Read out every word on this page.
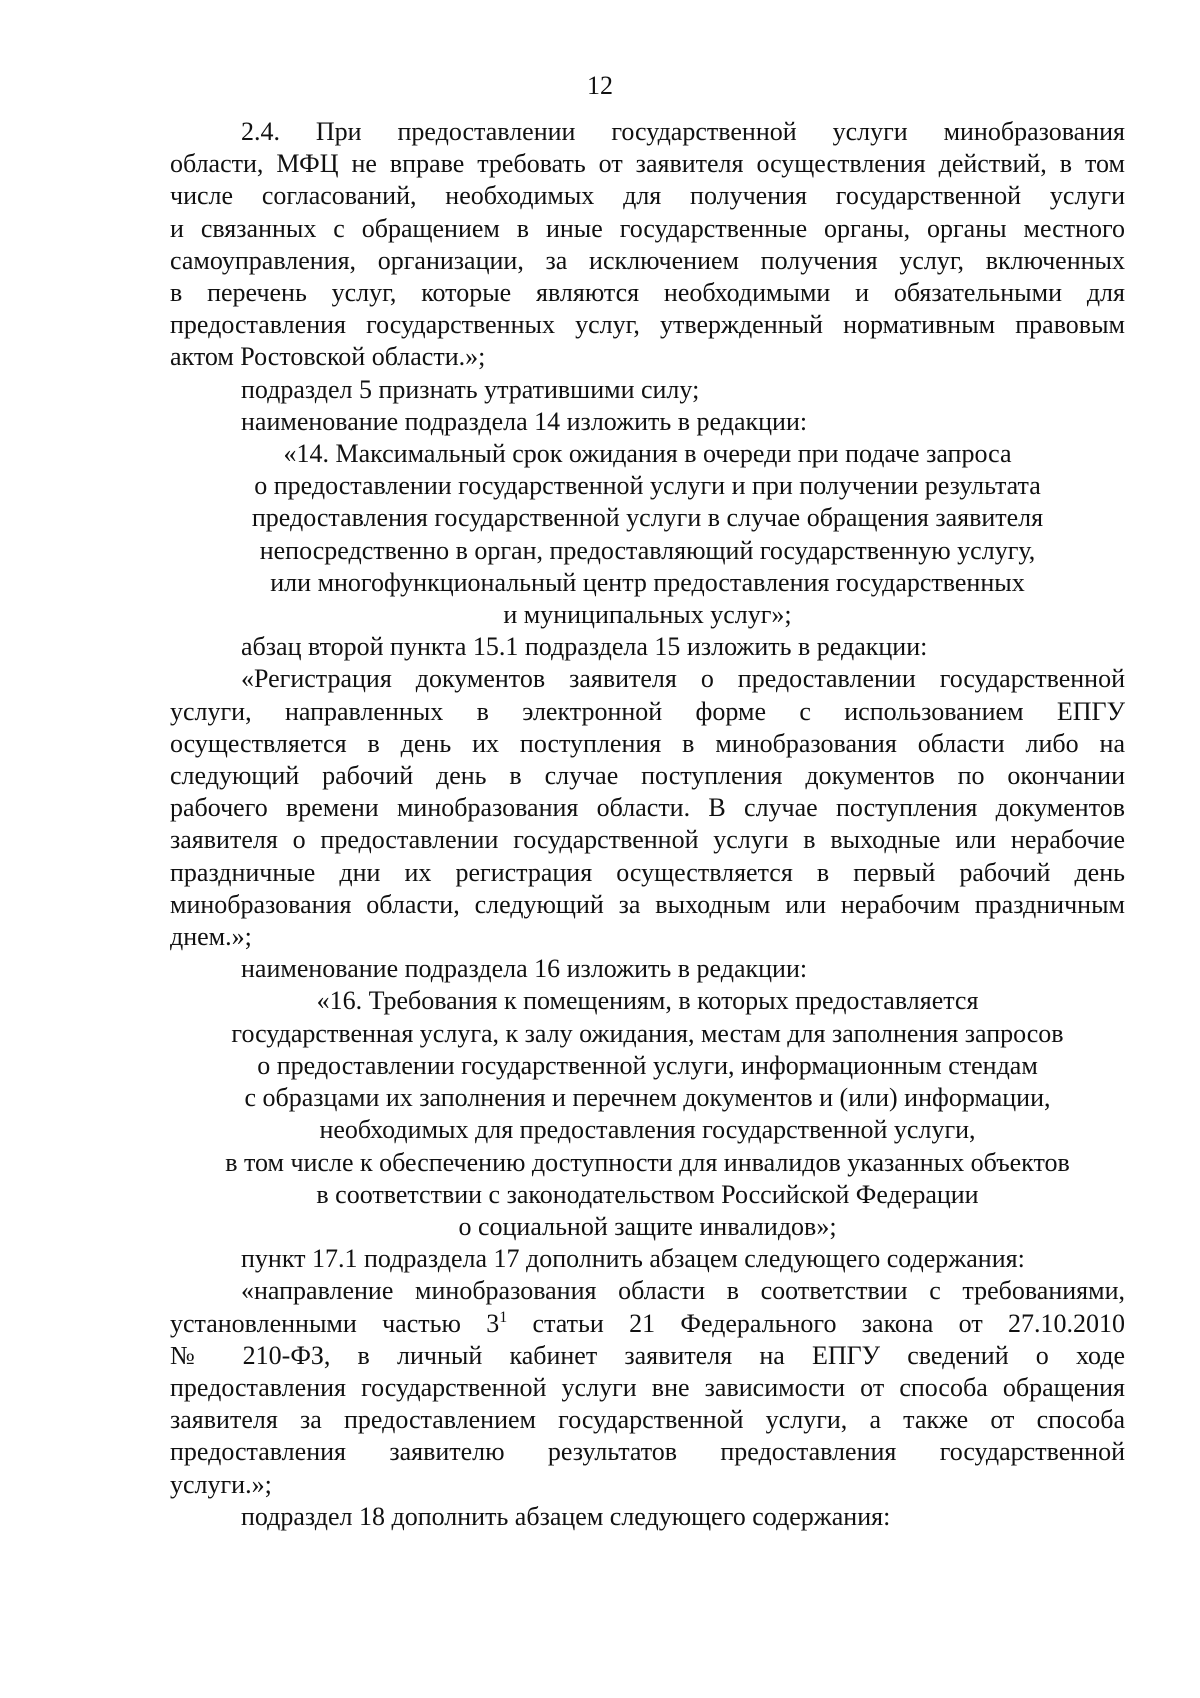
12
2.4. При предоставлении государственной услуги минобразования
области, МФЦ не вправе требовать от заявителя осуществления действий, в том
числе согласований, необходимых для получения государственной услуги
и связанных с обращением в иные государственные органы, органы местного
самоуправления, организации, за исключением получения услуг, включенных
в перечень услуг, которые являются необходимыми и обязательными для
предоставления государственных услуг, утвержденный нормативным правовым
актом Ростовской области.»;
подраздел 5 признать утратившими силу;
наименование подраздела 14 изложить в редакции:
«14. Максимальный срок ожидания в очереди при подаче запроса
о предоставлении государственной услуги и при получении результата
предоставления государственной услуги в случае обращения заявителя
непосредственно в орган, предоставляющий государственную услугу,
или многофункциональный центр предоставления государственных
и муниципальных услуг»;
абзац второй пункта 15.1 подраздела 15 изложить в редакции:
«Регистрация документов заявителя о предоставлении государственной
услуги, направленных в электронной форме с использованием ЕПГУ
осуществляется в день их поступления в минобразования области либо на
следующий рабочий день в случае поступления документов по окончании
рабочего времени минобразования области. В случае поступления документов
заявителя о предоставлении государственной услуги в выходные или нерабочие
праздничные дни их регистрация осуществляется в первый рабочий день
минобразования области, следующий за выходным или нерабочим праздничным
днем.»;
наименование подраздела 16 изложить в редакции:
«16. Требования к помещениям, в которых предоставляется
государственная услуга, к залу ожидания, местам для заполнения запросов
о предоставлении государственной услуги, информационным стендам
с образцами их заполнения и перечнем документов и (или) информации,
необходимых для предоставления государственной услуги,
в том числе к обеспечению доступности для инвалидов указанных объектов
в соответствии с законодательством Российской Федерации
о социальной защите инвалидов»;
пункт 17.1 подраздела 17 дополнить абзацем следующего содержания:
«направление минобразования области в соответствии с требованиями,
установленными частью $3^1$ статьи 21 Федерального закона от 27.10.2010
№ 210-ФЗ, в личный кабинет заявителя на ЕПГУ сведений о ходе
предоставления государственной услуги вне зависимости от способа обращения
заявителя за предоставлением государственной услуги, а также от способа
предоставления заявителю результатов предоставления государственной
услуги.»;
подраздел 18 дополнить абзацем следующего содержания:
